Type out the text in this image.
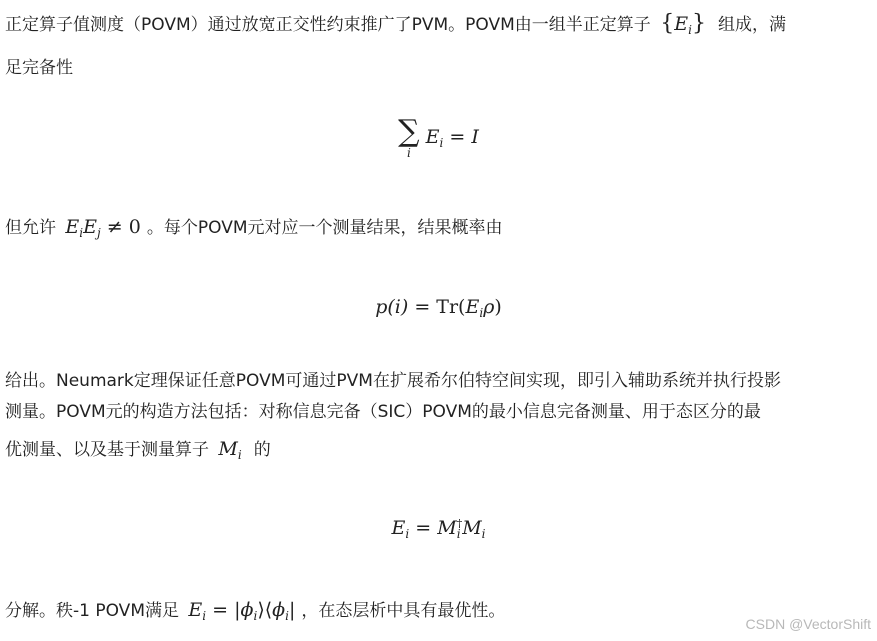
正定算子值测度（POVM）通过放宽正交性约束推广了PVM。POVM由一组半正定算子 $\{E_i\}$ 组成，满
足完备性
∑
i
$E_i = I$
但允许 $E_iE_j \ne 0$ 。每个POVM元对应一个测量结果，结果概率由
$p(i) = Tr(E_i\rho)$
给出。Neumark定理保证任意POVM可通过PVM在扩展希尔伯特空间实现，即引入辅助系统并执行投影
测量。POVM元的构造方法包括：对称信息完备（SIC）POVM的最小信息完备测量、用于态区分的最
优测量、以及基于测量算子 $M_i$ 的
$E_i = M$ †
i $M_i$
分解。秩-1 POVM满足 $E_i$ = $|\phi_i⟩⟨\phi_i|$ ，在态层析中具有最优性。
CSDN @VectorShift
